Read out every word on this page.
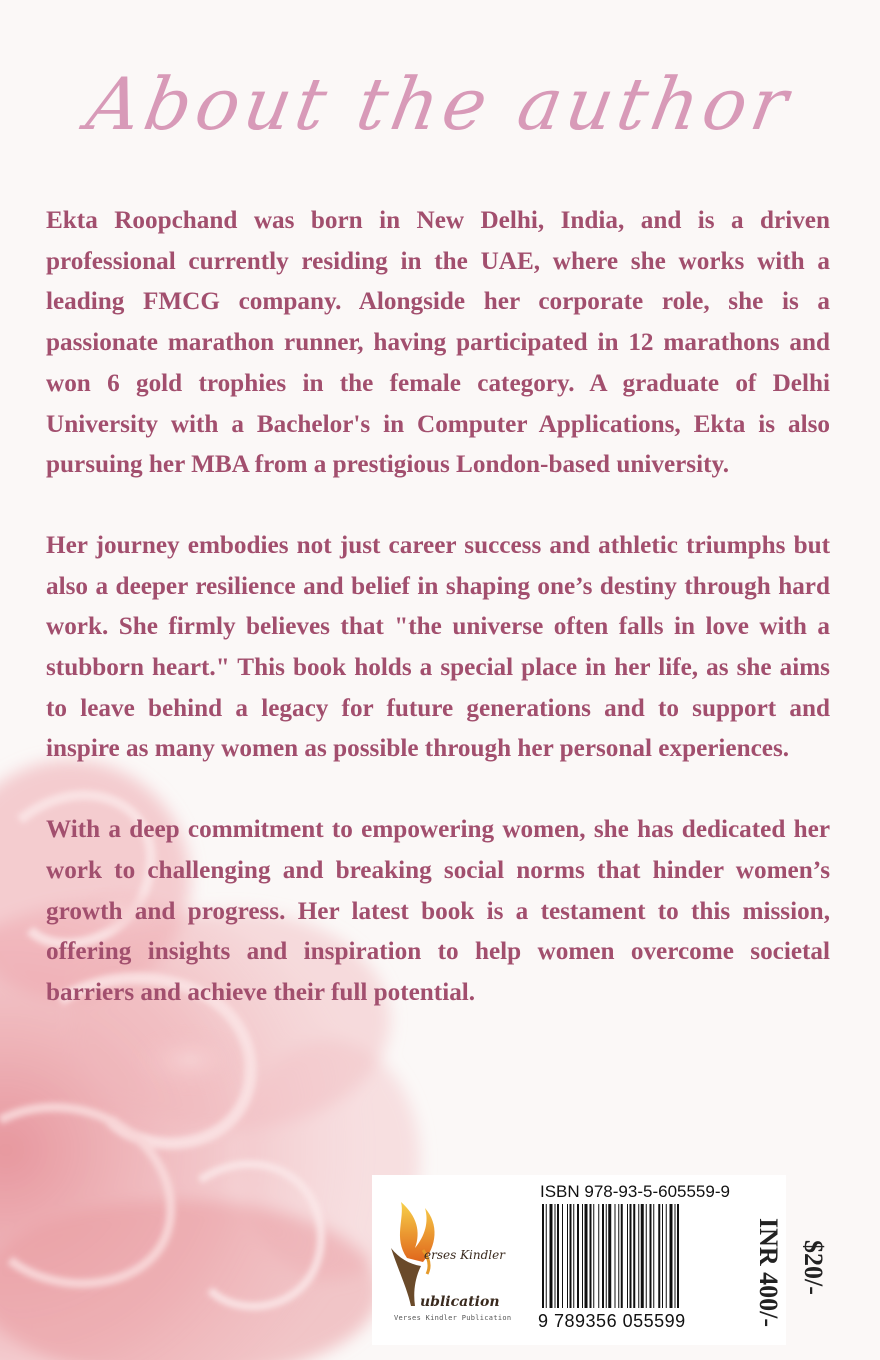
About the author

Ekta Roopchand was born in New Delhi, India, and is a driven professional currently residing in the UAE, where she works with a leading FMCG company. Alongside her corporate role, she is a passionate marathon runner, having participated in 12 marathons and won 6 gold trophies in the female category. A graduate of Delhi University with a Bachelor's in Computer Applications, Ekta is also pursuing her MBA from a prestigious London-based university.

Her journey embodies not just career success and athletic triumphs but also a deeper resilience and belief in shaping one’s destiny through hard work. She firmly believes that "the universe often falls in love with a stubborn heart." This book holds a special place in her life, as she aims to leave behind a legacy for future generations and to support and inspire as many women as possible through her personal experiences.

With a deep commitment to empowering women, she has dedicated her work to challenging and breaking social norms that hinder women’s growth and progress. Her latest book is a testament to this mission, offering insights and inspiration to help women overcome societal barriers and achieve their full potential.

erses Kindler
ublication
Verses Kindler Publication
ISBN 978-93-5-605559-9
9 789356 055599	INR 400/- $20/-
